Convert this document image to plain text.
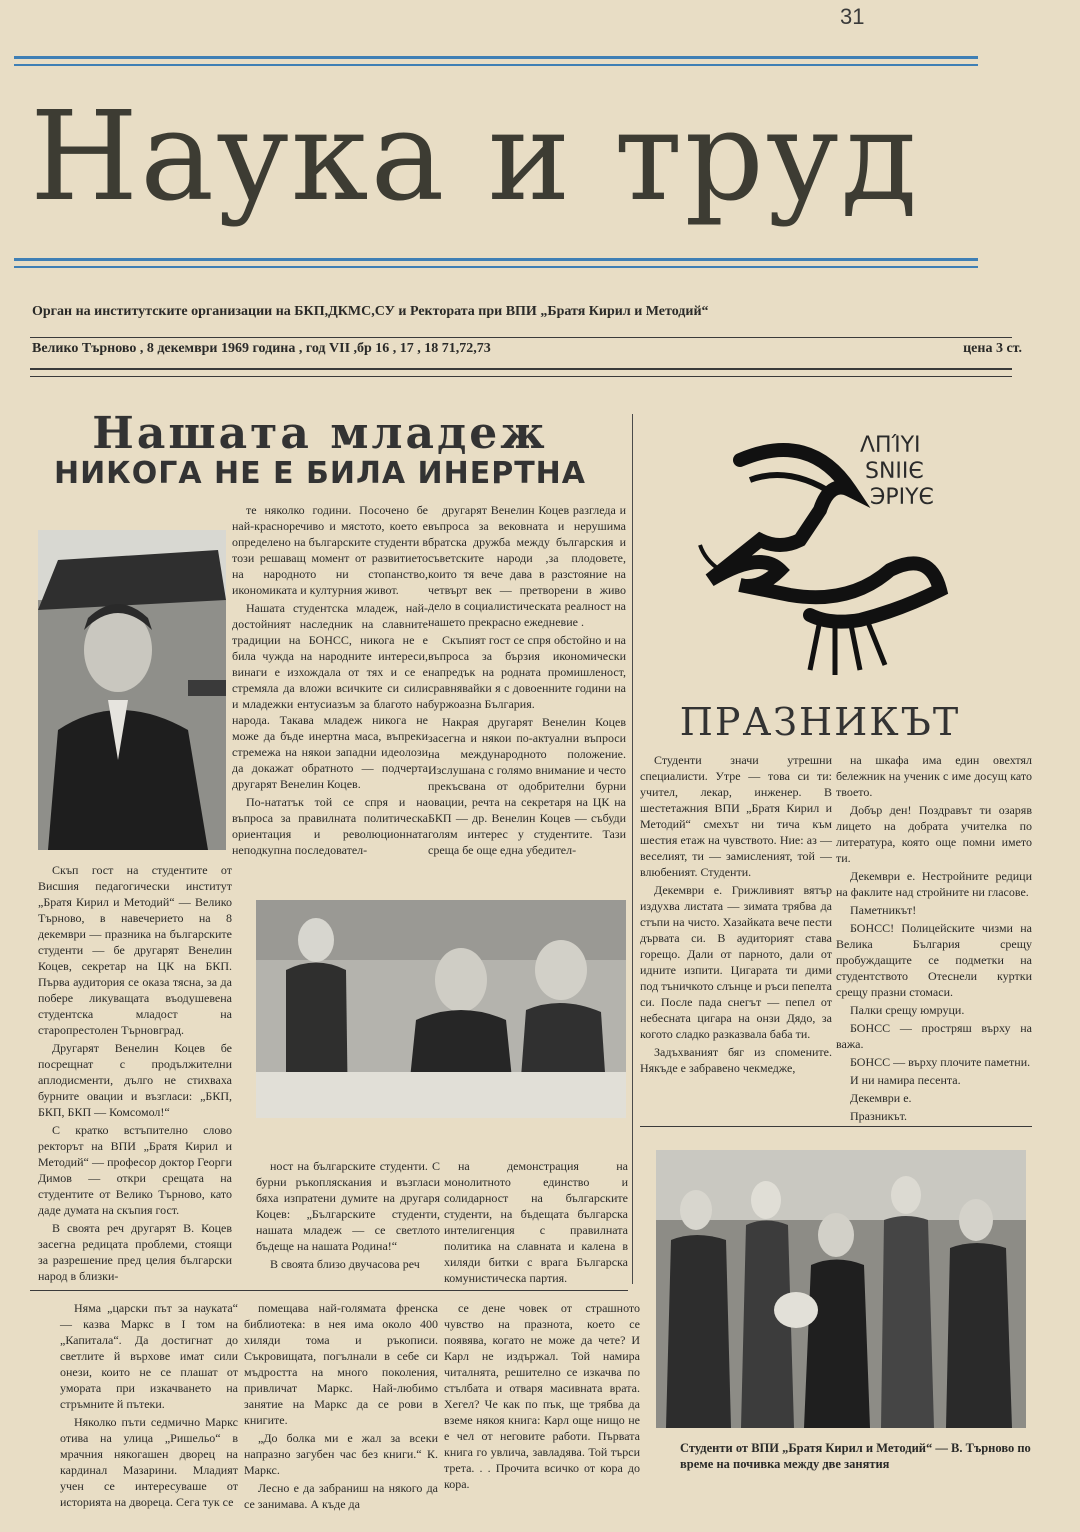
31
Наука и труд
Орган на институтските организации на БКП,ДКМС,СУ и Ректората при ВПИ „Братя Кирил и Методий“
Велико Търново , 8 декември 1969 година , год VII ,бр 16 , 17 , 18 71,72,73	цена 3 ст.
Нашата младеж
НИКОГА НЕ Е БИЛА ИНЕРТНА

Скъп гост на студентите от Висшия педагогически институт „Братя Кирил и Методий“ — Велико Търново, в навечерието на 8 декември — празника на българските студенти — бе другарят Венелин Коцев, секретар на ЦК на БКП. Първа аудитория се оказа тясна, за да побере ликуващата въодушевена студентска младост на старопрестолен Търновград.

Другарят Венелин Коцев бе посрещнат с продължителни аплодисменти, дълго не стихваха бурните овации и възгласи: „БКП, БКП, БКП — Комсомол!“

С кратко встъпително слово ректорът на ВПИ „Братя Кирил и Методий“ — професор доктор Георги Димов — откри срещата на студентите от Велико Търново, като даде думата на скъпия гост.

В своята реч другарят В. Коцев засегна редицата проблеми, стоящи за разрешение пред целия български народ в близки-

те няколко години. Посочено бе най-красноречиво и мястото, което е определено на българските студенти в този решаващ момент от развитието на народното ни стопанство, икономиката и културния живот.

Нашата студентска младеж, най-достойният наследник на славните традиции на БОНСС, никога не е била чужда на народните интереси, винаги е изхождала от тях и се е стремяла да вложи всичките си сили и младежки ентусиазъм за благото на народа. Такава младеж никога не може да бъде инертна маса, въпреки стремежа на някои западни идеолози да докажат обратното — подчерта другарят Венелин Коцев.

По-нататък той се спря и на въпроса за правилната политическа ориентация и революционната неподкупна последовател-

другарят Венелин Коцев разгледа и въпроса за вековната и нерушима братска дружба между българския и съветските народи ,за плодовете, които тя вече дава в разстояние на четвърт век — претворени в живо дело в социалистическата реалност на нашето прекрасно ежедневие .

Скъпият гост се спря обстойно и на въпроса за бързия икономически напредък на родната промишленост, сравнявайки я с довоенните години на буржоазна България.

Накрая другарят Венелин Коцев засегна и някои по-актуални въпроси на международното положение. Изслушана с голямо внимание и често прекъсвана от одобрителни бурни овации, речта на секретаря на ЦК на БКП — др. Венелин Коцев — събуди голям интерес у студентите. Тази среща бе още една убедител-

ност на българските студенти. С бурни ръкопляскания и възгласи бяха изпратени думите на другаря Коцев: „Българските студенти, нашата младеж — се светлото бъдеще на нашата Родина!“

В своята близо двучасова реч

на демонстрация на монолитното единство и солидарност на българските студенти, на бъдещата българска интелигенция с правилната политика на славната и калена в хиляди битки с врага Българска комунистическа партия.

ΛΠΊΥΙ
ЅΝΙΙЄ
ЭΡΙΥЄ
ПРАЗНИКЪТ

Студенти значи утрешни специалисти. Утре — това си ти: учител, лекар, инженер. В шестетажния ВПИ „Братя Кирил и Методий“ смехът ни тича към шестия етаж на чувството. Ние: аз — веселият, ти — замисленият, той — влюбеният. Студенти.

Декември е. Грижливият вятър издухва листата — зимата трябва да стъпи на чисто. Хазайката вече пести дървата си. В аудиторият става горещо. Дали от парното, дали от идните изпити. Цигарата ти дими под тъничкото слънце и ръси пепелта си. После пада снегът — пепел от небесната цигара на онзи Дядо, за когото сладко разказвала баба ти.

Задъхваният бяг из спомените. Някъде е забравено чекмедже,

на шкафа има един овехтял бележник на ученик с име досущ като твоето.

Добър ден! Поздравът ти озаряв лицето на добрата учителка по литература, която още помни името ти.

Декември е. Нестройните редици на факлите над стройните ни гласове.

Паметникът!

БОНСС! Полицейските чизми на Велика България срещу пробуждащите се подметки на студентството Отеснели куртки срещу празни стомаси.

Палки срещу юмруци.

БОНСС — простряш върху на важа.

БОНСС — върху плочите паметни.

И ни намира песента.

Декември е.

Празникът.

Студенти от ВПИ „Братя Кирил и Методий“ — В. Търново по време на почивка между две занятия

Няма „царски път за науката“ — казва Маркс в I том на „Капитала“. Да достигнат до светлите й върхове имат сили онези, които не се плашат от умората при изкачването на стръмните й пътеки.

Няколко пъти седмично Маркс отива на улица „Ришельо“ в мрачния някогашен дворец на кардинал Мазарини. Младият учен се интересуваше от историята на двореца. Сега тук се

помещава най-голямата френска библиотека: в нея има около 400 хиляди тома и ръкописи. Съкровищата, погълнали в себе си мъдростта на много поколения, привличат Маркс. Най-любимо занятие на Маркс да се рови в книгите.

„До болка ми е жал за всеки напразно загубен час без книги.“ К. Маркс.

Лесно е да забраниш на някого да се занимава. А къде да

се дене човек от страшното чувство на празнота, което се появява, когато не може да чете? И Карл не издържал. Той намира читалнята, решително се изкачва по стълбата и отваря масивната врата. Хегел? Че как по пък, ще трябва да вземе някоя книга: Карл още нищо не е чел от неговите работи. Първата книга го увлича, завладява. Той търси трета. . . Прочита всичко от кора до кора.
